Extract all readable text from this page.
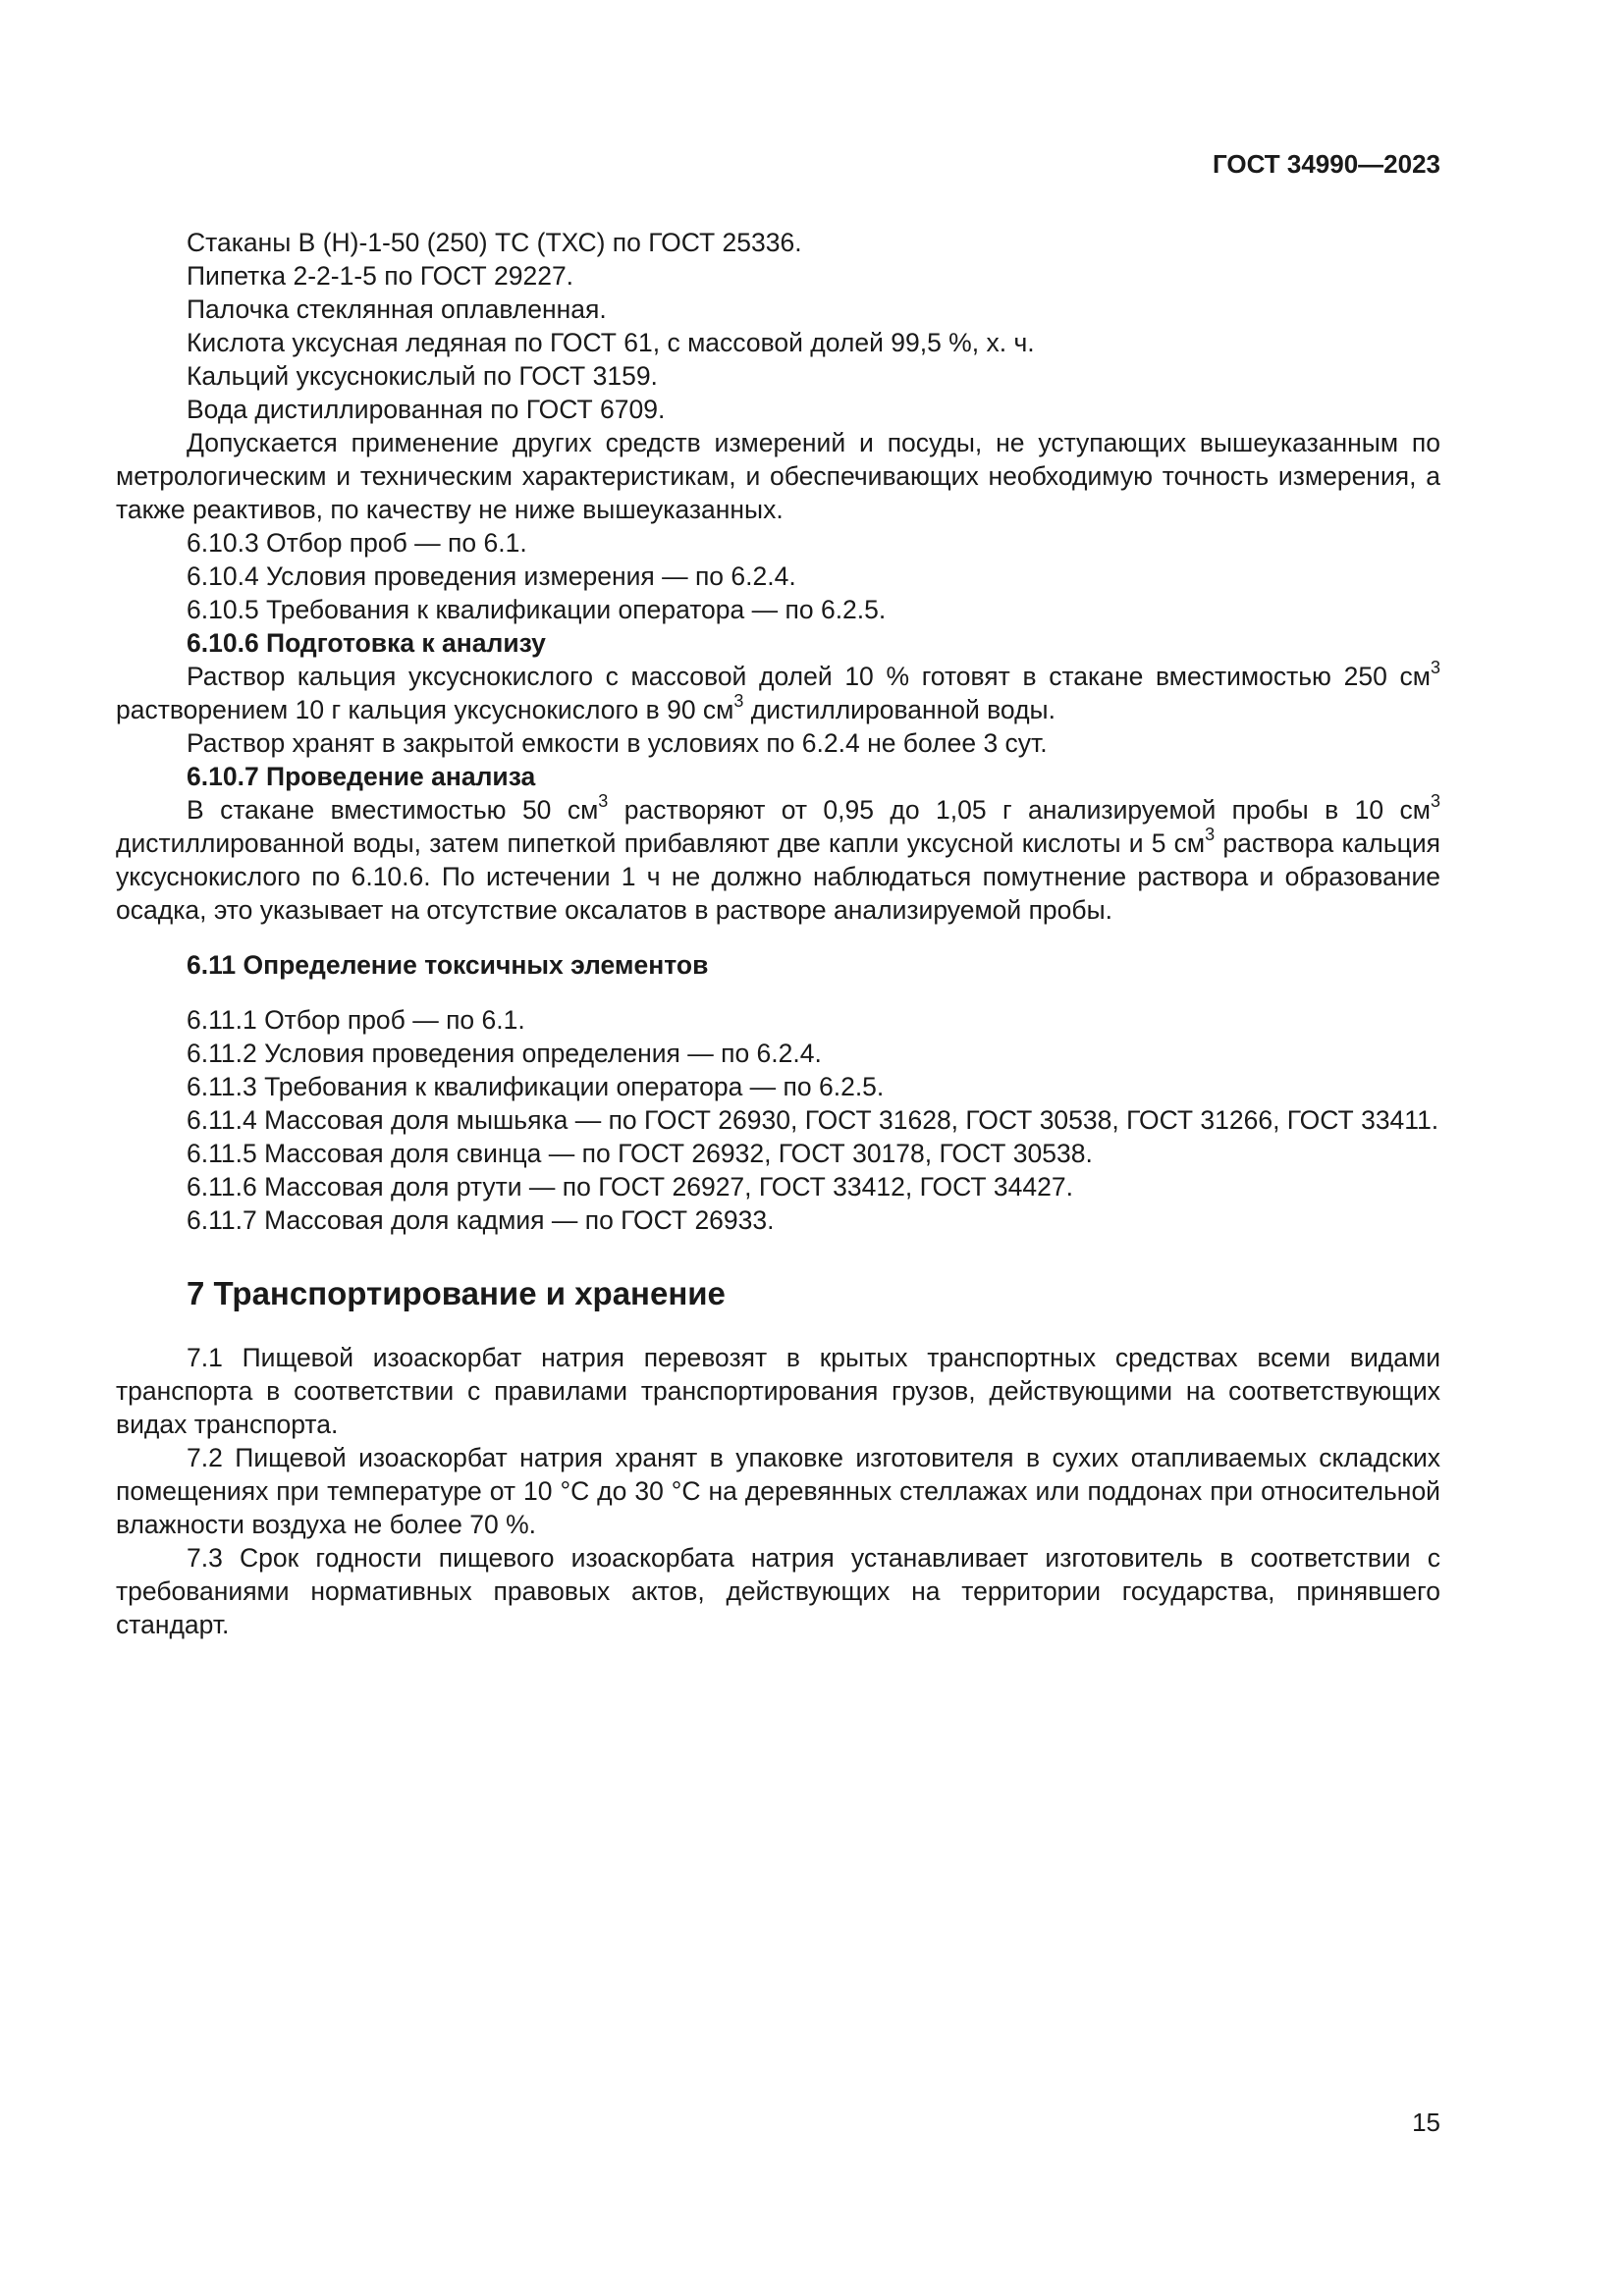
ГОСТ 34990—2023

Стаканы В (Н)-1-50 (250) ТС (ТХС) по ГОСТ 25336.

Пипетка 2-2-1-5 по ГОСТ 29227.

Палочка стеклянная оплавленная.

Кислота уксусная ледяная по ГОСТ 61, с массовой долей 99,5 %, х. ч.

Кальций уксуснокислый по ГОСТ 3159.

Вода дистиллированная по ГОСТ 6709.

Допускается применение других средств измерений и посуды, не уступающих вышеуказанным по метрологическим и техническим характеристикам, и обеспечивающих необходимую точность измерения, а также реактивов, по качеству не ниже вышеуказанных.

6.10.3 Отбор проб — по 6.1.

6.10.4 Условия проведения измерения — по 6.2.4.

6.10.5 Требования к квалификации оператора — по 6.2.5.

6.10.6 Подготовка к анализу

Раствор кальция уксуснокислого с массовой долей 10 % готовят в стакане вместимостью 250 $см^3$ растворением 10 г кальция уксуснокислого в 90 $см^3$ дистиллированной воды.

Раствор хранят в закрытой емкости в условиях по 6.2.4 не более 3 сут.

6.10.7 Проведение анализа

В стакане вместимостью 50 $см^3$ растворяют от 0,95 до 1,05 г анализируемой пробы в 10 $см^3$ дистиллированной воды, затем пипеткой прибавляют две капли уксусной кислоты и 5 $см^3$ раствора кальция уксуснокислого по 6.10.6. По истечении 1 ч не должно наблюдаться помутнение раствора и образование осадка, это указывает на отсутствие оксалатов в растворе анализируемой пробы.

6.11 Определение токсичных элементов

6.11.1 Отбор проб — по 6.1.

6.11.2 Условия проведения определения — по 6.2.4.

6.11.3 Требования к квалификации оператора — по 6.2.5.

6.11.4 Массовая доля мышьяка — по ГОСТ 26930, ГОСТ 31628, ГОСТ 30538, ГОСТ 31266, ГОСТ 33411.

6.11.5 Массовая доля свинца — по ГОСТ 26932, ГОСТ 30178, ГОСТ 30538.

6.11.6 Массовая доля ртути — по ГОСТ 26927, ГОСТ 33412, ГОСТ 34427.

6.11.7 Массовая доля кадмия — по ГОСТ 26933.

7 Транспортирование и хранение

7.1 Пищевой изоаскорбат натрия перевозят в крытых транспортных средствах всеми видами транспорта в соответствии с правилами транспортирования грузов, действующими на соответствующих видах транспорта.

7.2 Пищевой изоаскорбат натрия хранят в упаковке изготовителя в сухих отапливаемых складских помещениях при температуре от 10 °С до 30 °С на деревянных стеллажах или поддонах при относительной влажности воздуха не более 70 %.

7.3 Срок годности пищевого изоаскорбата натрия устанавливает изготовитель в соответствии с требованиями нормативных правовых актов, действующих на территории государства, принявшего стандарт.

15
